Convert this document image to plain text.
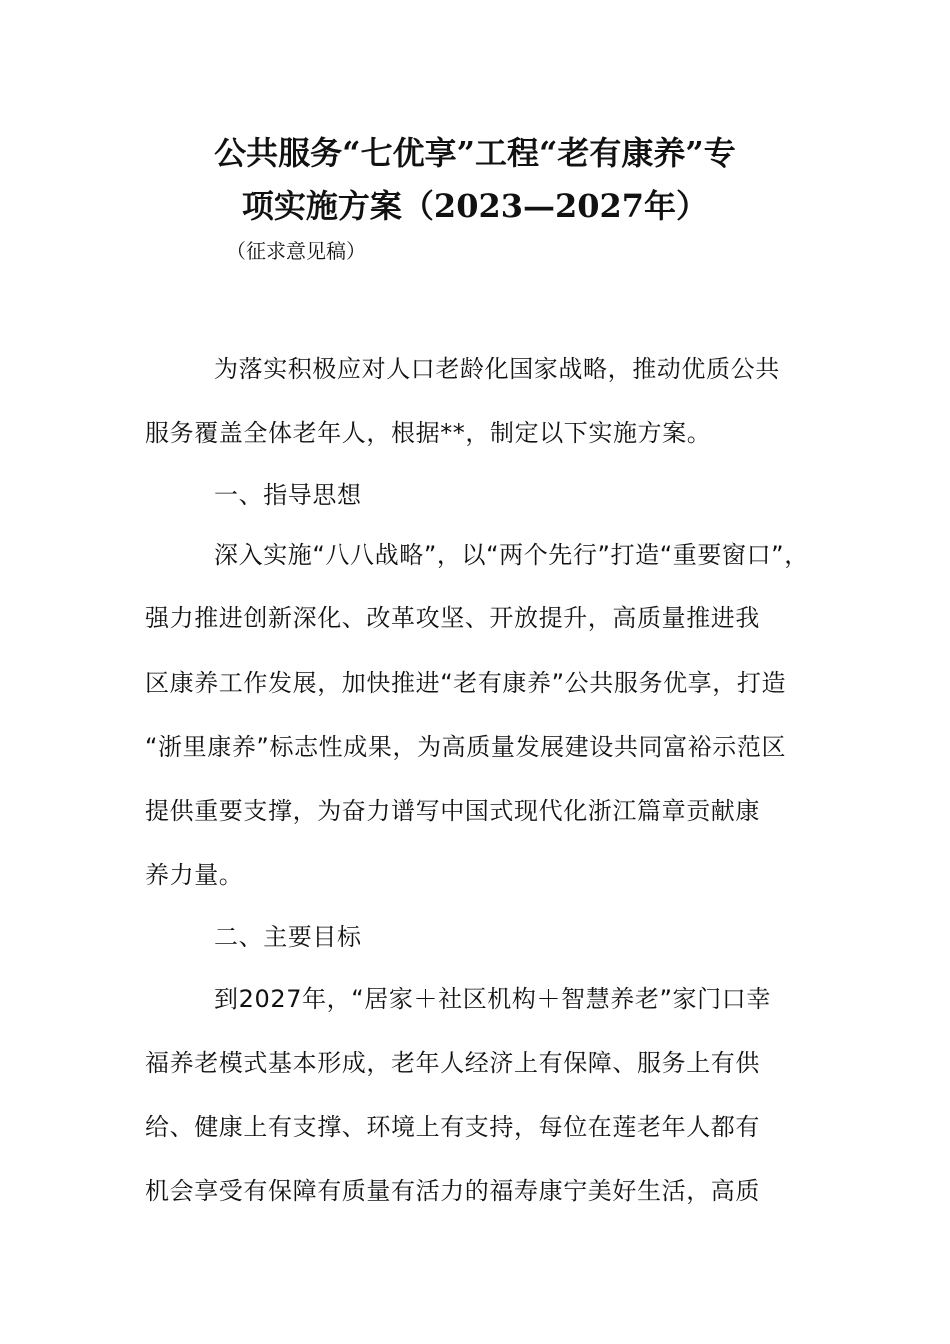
公共服务“七优享”工程“老有康养”专
项实施方案（2023—2027年）
（征求意见稿）
为落实积极应对人口老龄化国家战略，推动优质公共
服务覆盖全体老年人，根据**，制定以下实施方案。
一、指导思想
深入实施“八八战略”，以“两个先行”打造“重要窗口”，
强力推进创新深化、改革攻坚、开放提升，高质量推进我
区康养工作发展，加快推进“老有康养”公共服务优享，打造
“浙里康养”标志性成果，为高质量发展建设共同富裕示范区
提供重要支撑，为奋力谱写中国式现代化浙江篇章贡献康
养力量。
二、主要目标
到2027年，“居家＋社区机构＋智慧养老”家门口幸
福养老模式基本形成，老年人经济上有保障、服务上有供
给、健康上有支撑、环境上有支持，每位在莲老年人都有
机会享受有保障有质量有活力的福寿康宁美好生活，高质
